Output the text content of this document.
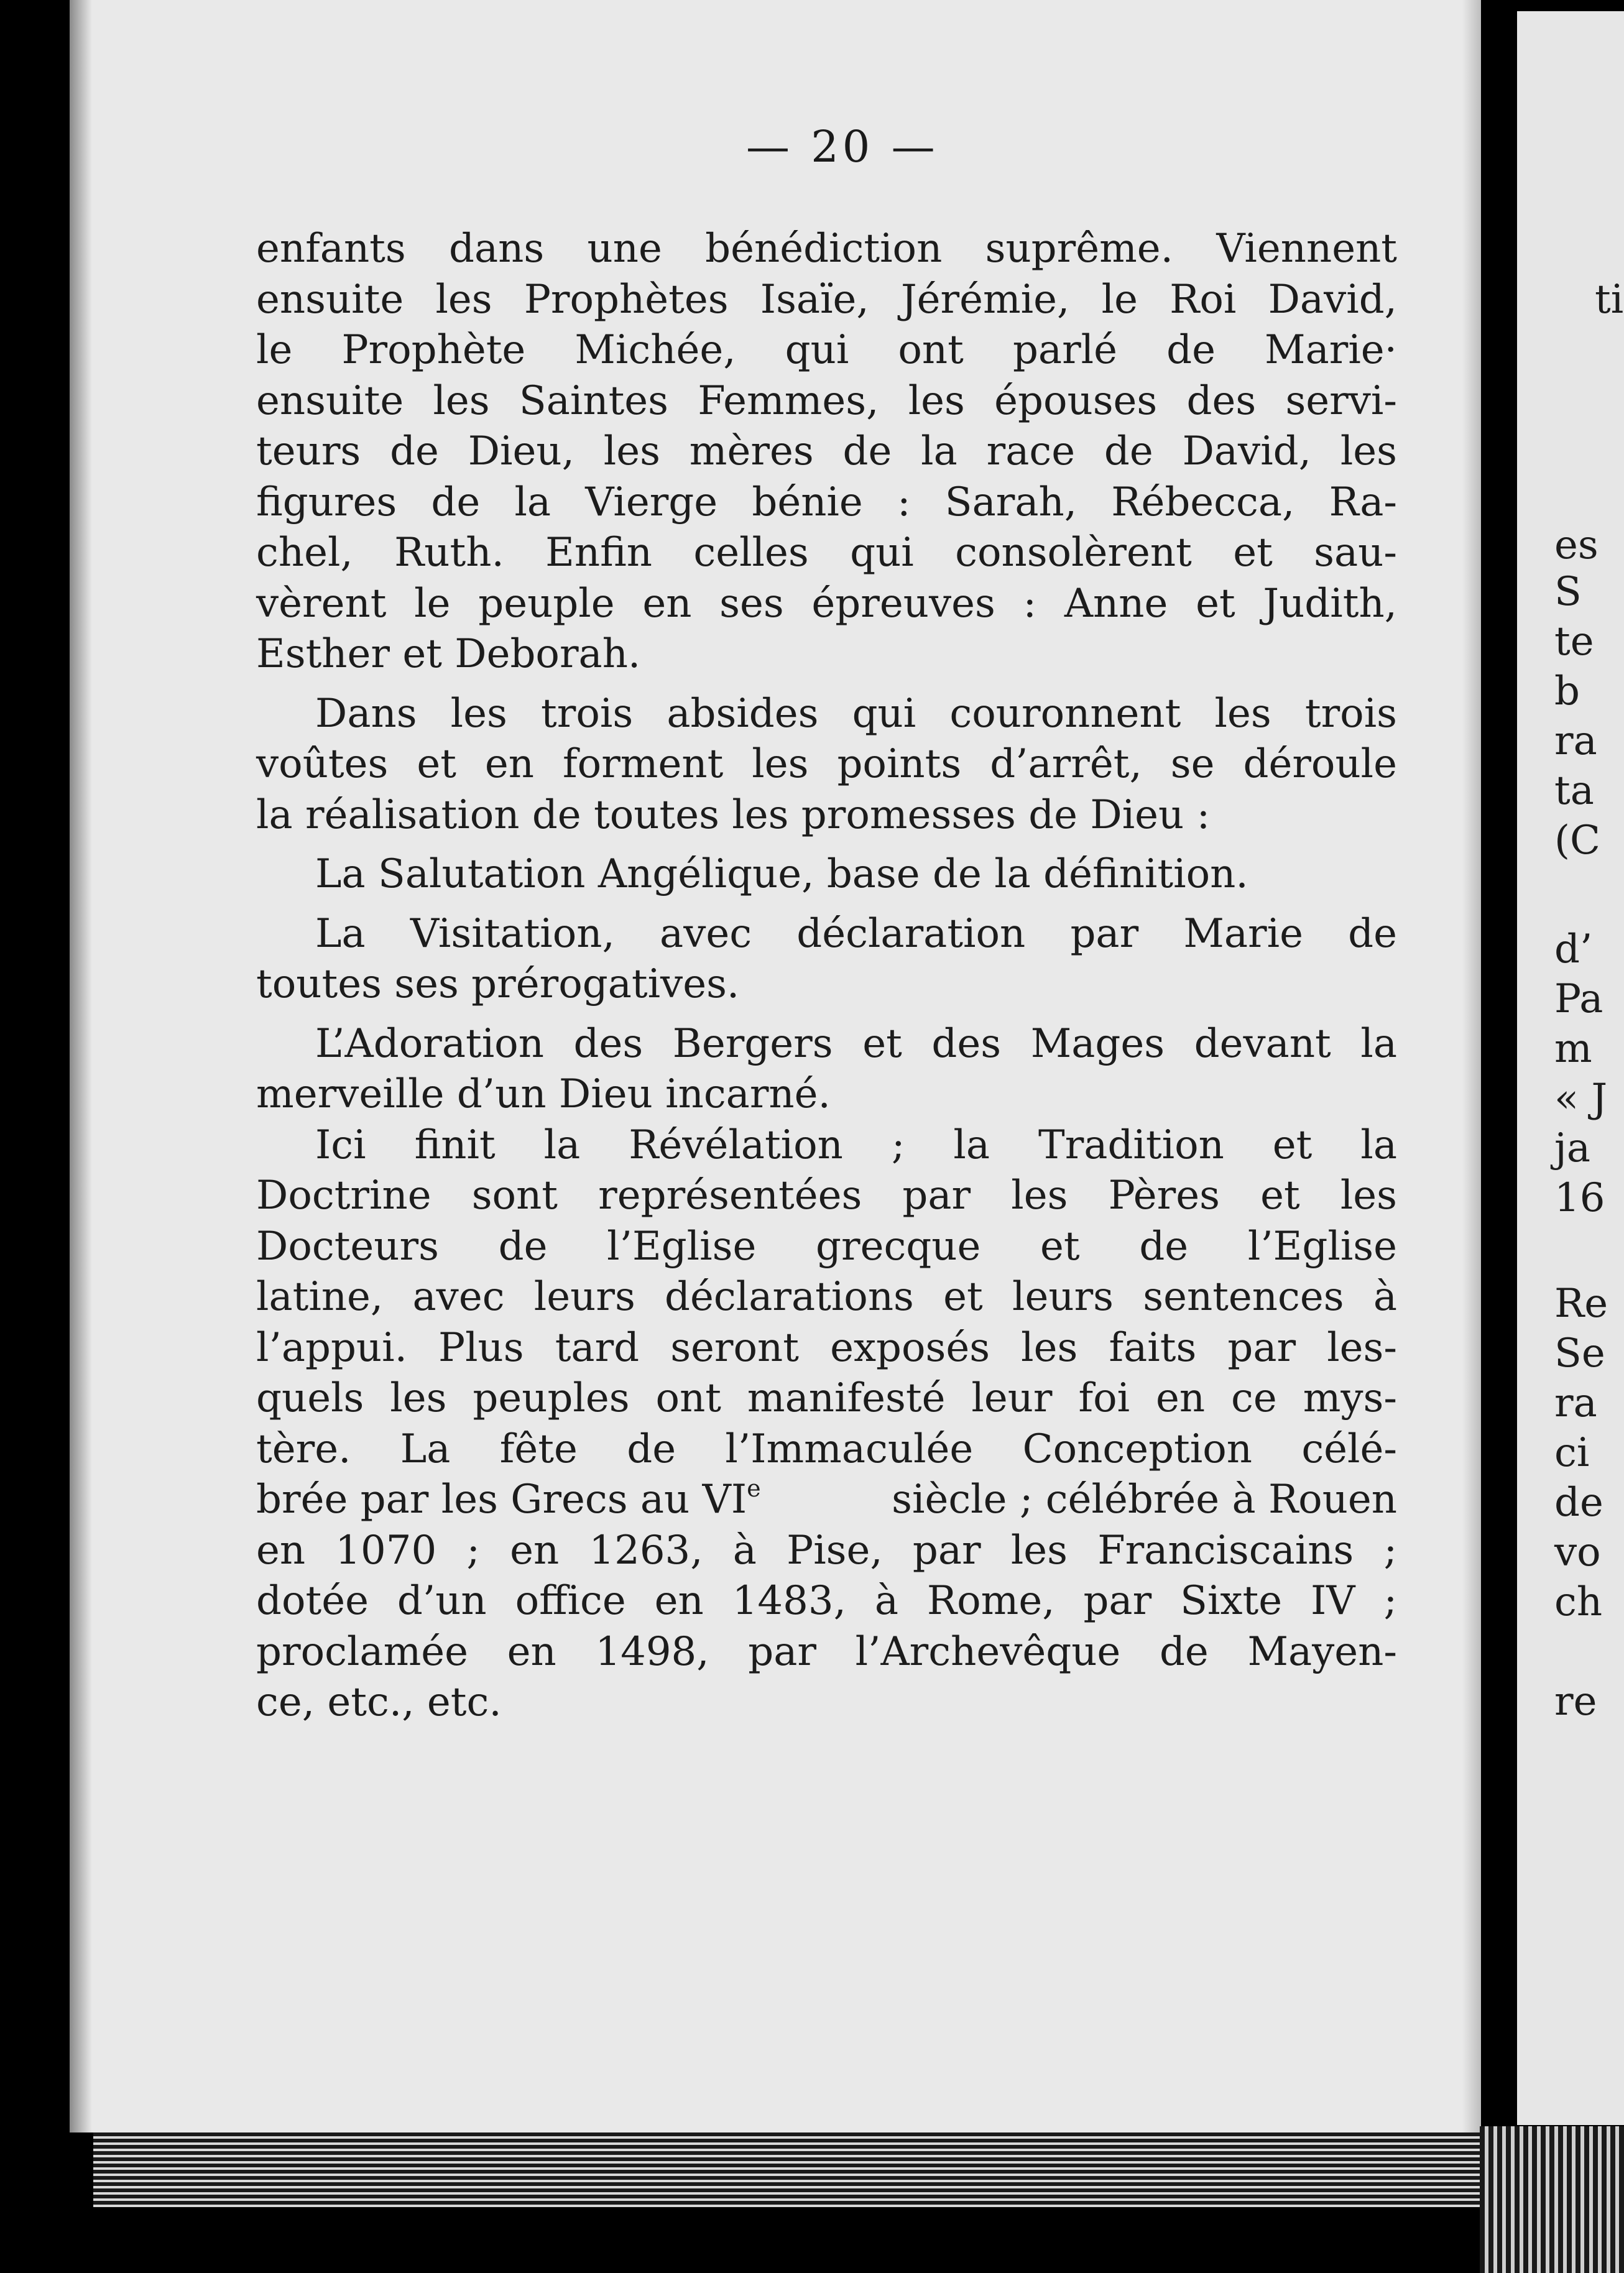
— 20 —
enfants dans une bénédiction suprême. Viennent
ensuite les Prophètes Isaïe, Jérémie, le Roi David,
le Prophète Michée, qui ont parlé de Marie·
ensuite les Saintes Femmes, les épouses des servi-
teurs de Dieu, les mères de la race de David, les
figures de la Vierge bénie : Sarah, Rébecca, Ra-
chel, Ruth. Enfin celles qui consolèrent et sau-
vèrent le peuple en ses épreuves : Anne et Judith,
Esther et Deborah.
Dans les trois absides qui couronnent les trois
voûtes et en forment les points d’arrêt, se déroule
la réalisation de toutes les promesses de Dieu :
La Salutation Angélique, base de la définition.
La Visitation, avec déclaration par Marie de
toutes ses prérogatives.
L’Adoration des Bergers et des Mages devant la
merveille d’un Dieu incarné.
Ici finit la Révélation ; la Tradition et la
Doctrine sont représentées par les Pères et les
Docteurs de l’Eglise grecque et de l’Eglise
latine, avec leurs déclarations et leurs sentences à
l’appui. Plus tard seront exposés les faits par les-
quels les peuples ont manifesté leur foi en ce mys-
tère. La fête de l’Immaculée Conception célé-
brée par les Grecs au VIe	siècle ; célébrée à Rouen
en 1070 ; en 1263, à Pise, par les Franciscains ;
dotée d’un office en 1483, à Rome, par Sixte IV ;
proclamée en 1498, par l’Archevêque de Mayen-
ce, etc., etc.
ti
es
S
te
b
ra
ta
(C
d’
Pa
m
« J
ja
16
Re
Se
ra
ci
de
vo
ch
re
